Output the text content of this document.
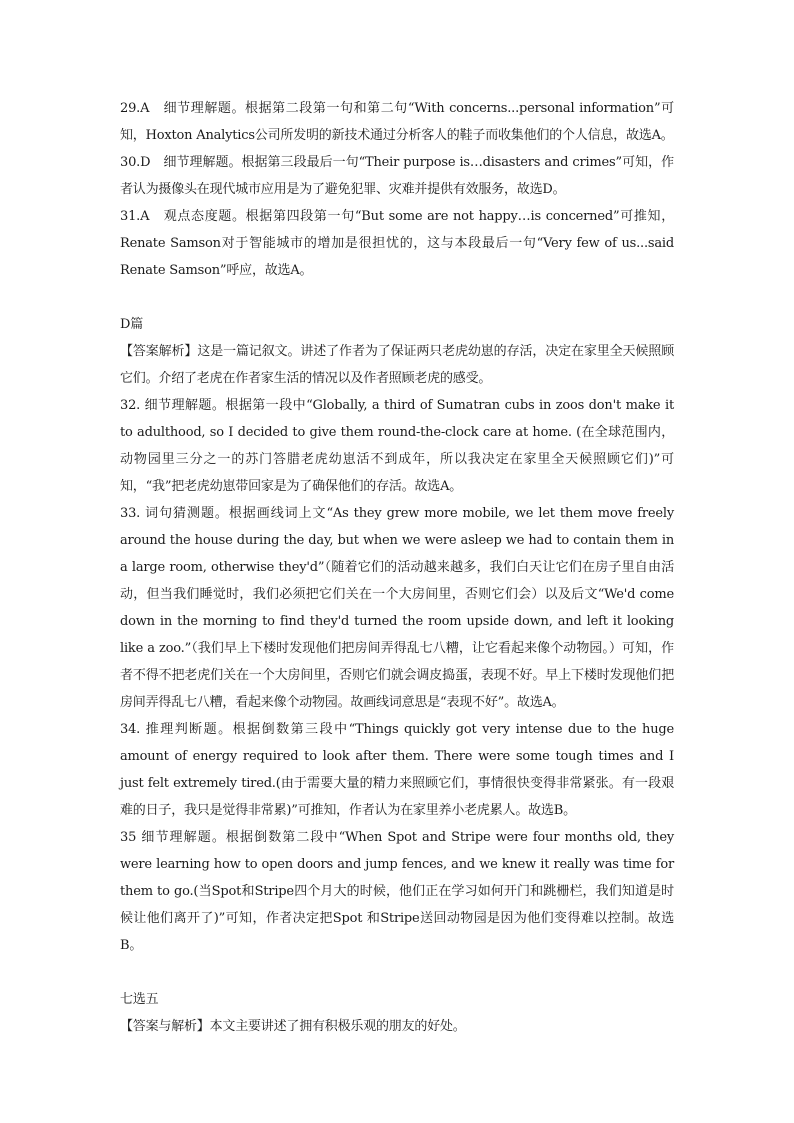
29.A　细节理解题。根据第二段第一句和第二句“With concerns...personal information”可知，Hoxton Analytics公司所发明的新技术通过分析客人的鞋子而收集他们的个人信息，故选A。

30.D　细节理解题。根据第三段最后一句“Their purpose is…disasters and crimes”可知，作者认为摄像头在现代城市应用是为了避免犯罪、灾难并提供有效服务，故选D。

31.A　观点态度题。根据第四段第一句“But some are not happy…is concerned”可推知，Renate Samson对于智能城市的增加是很担忧的，这与本段最后一句“Very few of us...said Renate Samson”呼应，故选A。

D篇

【答案解析】这是一篇记叙文。讲述了作者为了保证两只老虎幼崽的存活，决定在家里全天候照顾它们。介绍了老虎在作者家生活的情况以及作者照顾老虎的感受。

32. 细节理解题。根据第一段中“Globally, a third of Sumatran cubs in zoos don't make it to adulthood, so I decided to give them round-the-clock care at home. (在全球范围内，动物园里三分之一的苏门答腊老虎幼崽活不到成年，所以我决定在家里全天候照顾它们)”可知，“我”把老虎幼崽带回家是为了确保他们的存活。故选A。

33. 词句猜测题。根据画线词上文“As they grew more mobile, we let them move freely around the house during the day, but when we were asleep we had to contain them in a large room, otherwise they'd”（随着它们的活动越来越多，我们白天让它们在房子里自由活动，但当我们睡觉时，我们必须把它们关在一个大房间里，否则它们会）以及后文“We'd come down in the morning to find they'd turned the room upside down, and left it looking like a zoo.”（我们早上下楼时发现他们把房间弄得乱七八糟，让它看起来像个动物园。）可知，作者不得不把老虎们关在一个大房间里，否则它们就会调皮捣蛋，表现不好。早上下楼时发现他们把房间弄得乱七八糟，看起来像个动物园。故画线词意思是“表现不好”。故选A。

34. 推理判断题。根据倒数第三段中“Things quickly got very intense due to the huge amount of energy required to look after them. There were some tough times and I just felt extremely tired.(由于需要大量的精力来照顾它们，事情很快变得非常紧张。有一段艰难的日子，我只是觉得非常累)”可推知，作者认为在家里养小老虎累人。故选B。

35 细节理解题。根据倒数第二段中“When Spot and Stripe were four months old, they were learning how to open doors and jump fences, and we knew it really was time for them to go.(当Spot和Stripe四个月大的时候，他们正在学习如何开门和跳栅栏，我们知道是时候让他们离开了)”可知，作者决定把Spot 和Stripe送回动物园是因为他们变得难以控制。故选B。

七选五

【答案与解析】本文主要讲述了拥有积极乐观的朋友的好处。
